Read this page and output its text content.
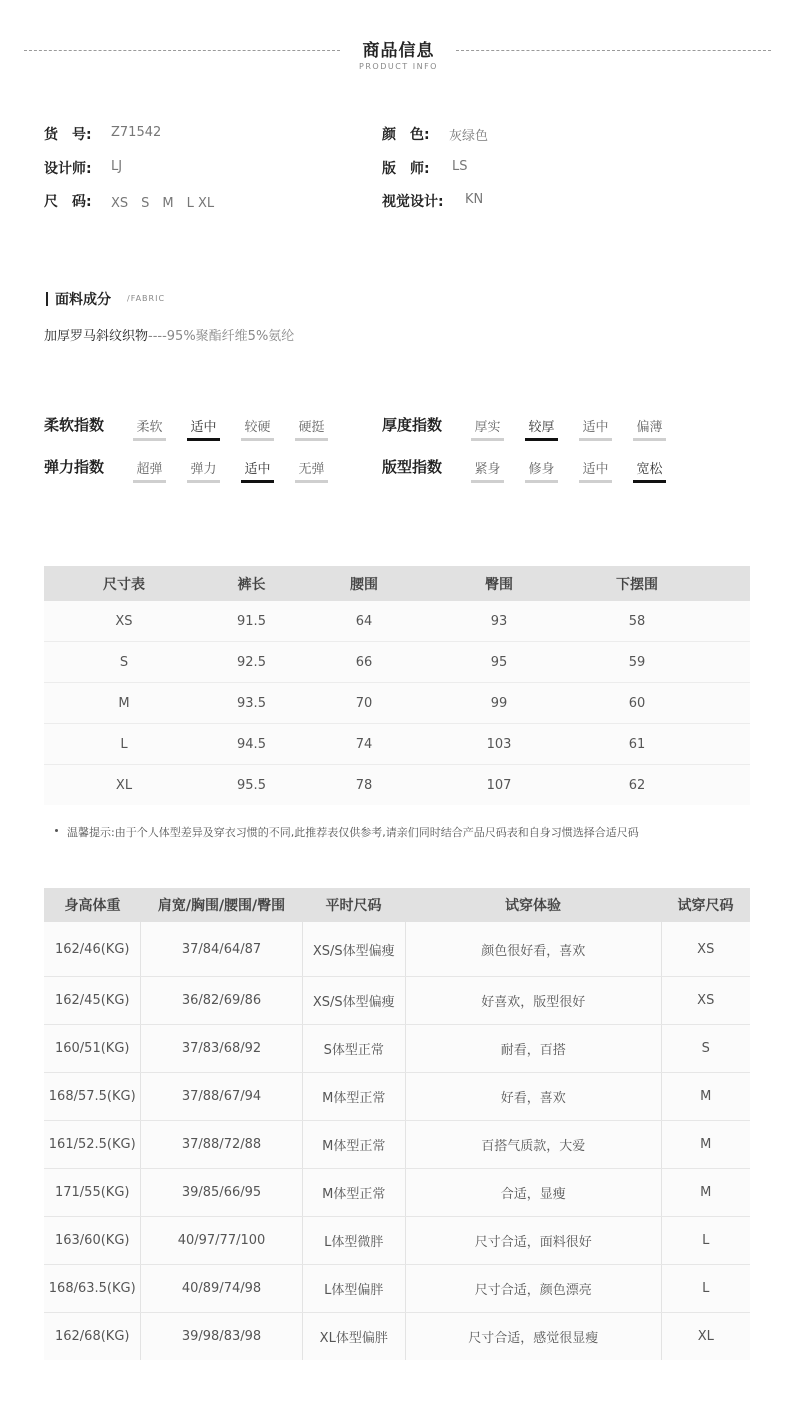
商品信息
PRODUCT INFO
货　号: Z71542
设计师: LJ
尺　码: XS　S　M　L XL
颜　色: 灰绿色
版　师: LS
视觉设计: KN
面料成分 /FABRIC
加厚罗马斜纹织物----95%聚酯纤维5%氨纶
柔软指数 柔软 适中 较硬 硬挺	厚度指数 厚实 较厚 适中 偏薄
弹力指数 超弹 弹力 适中 无弹	版型指数 紧身 修身 适中 宽松
尺寸表	裤长	腰围	臀围	下摆围
XS	91.5	64	93	58
S	92.5	66	95	59
M	93.5	70	99	60
L	94.5	74	103	61
XL	95.5	78	107	62
温馨提示:由于个人体型差异及穿衣习惯的不同,此推荐表仅供参考,请亲们同时结合产品尺码表和自身习惯选择合适尺码
身高体重	肩宽/胸围/腰围/臀围	平时尺码	试穿体验	试穿尺码
162/46(KG)	37/84/64/87	XS/S体型偏瘦	颜色很好看，喜欢	XS
162/45(KG)	36/82/69/86	XS/S体型偏瘦	好喜欢，版型很好	XS
160/51(KG)	37/83/68/92	S体型正常	耐看，百搭	S
168/57.5(KG)	37/88/67/94	M体型正常	好看，喜欢	M
161/52.5(KG)	37/88/72/88	M体型正常	百搭气质款，大爱	M
171/55(KG)	39/85/66/95	M体型正常	合适，显瘦	M
163/60(KG)	40/97/77/100	L体型微胖	尺寸合适，面料很好	L
168/63.5(KG)	40/89/74/98	L体型偏胖	尺寸合适，颜色漂亮	L
162/68(KG)	39/98/83/98	XL体型偏胖	尺寸合适，感觉很显瘦	XL
